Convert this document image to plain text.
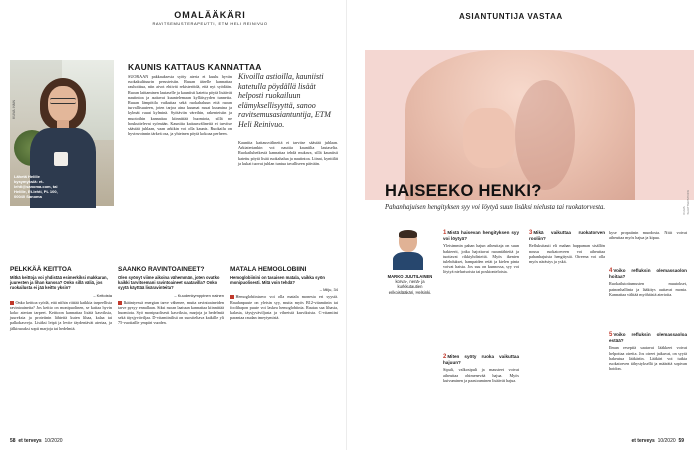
OMALÄÄKÄRI
RAVITSEMUSTERAPEUTTI, ETM HELI REINIVUO
KUVA: NNN
Lähetä Helille kysymyksiä: et-lehti@sanoma.com, tai Helille, Et-lehti, PL 100, 00040 Sanoma
KAUNIS KATTAUS KANNATTAA
SUORAAN pakkauksesta syöty ateria ei kuulu hyvän ruokakulttuurin perusteisiin. Ruuan äärelle kannattaa rauhoittua, niin aivot ehtivät rekisteröidä, että nyt syödään. Ruoan laittaminen lautaselle ja kauniisti katettu pöytä lisäävät nautintoa ja auttavat kuuntelemaan kylläisyyden tunnetta. Ruuan lämpötila vaikuttaa sekä ruokahaluun että ruoan turvallisuuteen, joten tarjoa aina kuumat ruuat kuumina ja kylmät ruuat kylminä. Syötäviin väreihin, rakenteisiin ja muotoihin kannattaa kiinnittää huomiota, sillä ne houkuttelevat syömään. Kauniita kattausvälineitä ei tarvitse säästää juhlaan, vaan arkikin voi olla kaunis. Ruokailu on hyvinvoinnin tärkeä osa, ja yhteinen pöytä kokoaa perheen.
Kivoilla astioilla, kauniisti katetulla pöydällä lisäät helposti ruokailuun elämyksellisyyttä, sanoo ravitsemusasiantuntija, ETM Heli Reinivuo.
Kauniita kattausvälineitä ei tarvitse säästää juhlaan. Arkiateriankin voi nauttia kauniilta lautaselta. Ruokailuhetkestä kannattaa tehdä mukava, sillä kauniisti katettu pöytä lisää ruokahalua ja nautintoa. Liinat, kynttilät ja kukat tuovat juhlan tuntua tavalliseen päivään.
PELKKÄÄ KEITTOA
Mitkä keittoja voi yhdistää esimerkiksi makkaran, juuresten ja lihan kanssa? Onko sillä väliä, jos ruokailusta ei jää keitto yksin?
– Keitoista
Onko keittoa syödä, että niihin riittää kaikkia tarpeellisia ravintoaineita? Jos keitto on monipuolinen, se kattaa hyvin koko aterian tarpeet. Keittoon kannattaa lisätä kasviksia, juureksia ja proteiinin lähteitä kuten lihaa, kalaa tai palkokasveja. Lisäksi leipä ja levite täydentävät ateriaa, ja jälkiruoaksi sopii marjoja tai hedelmiä.
SAANKO RAVINTOAINEET?
Olen syönyt viime aikoina vähemmän, joten ovatko kaikki tarvitsemani ravintoaineet saatavilla? Onko syytä käyttää lisäravinteita?
– Kuudenkymppinen nainen
Ikääntyessä energian tarve vähenee, mutta ravintoaineiden tarve pysyy ennallaan. Siksi ruoan laatuun kannattaa kiinnittää huomiota. Syö monipuolisesti kasviksia, marjoja ja hedelmiä sekä täysjyväviljaa. D-vitamiinilisä on suositeltava kaikille yli 75-vuotiaille ympäri vuoden.
MATALA HEMOGLOBIINI
Hemoglobiinini on tasaisen matala, vaikka syön monipuolisesti. Mitä voin tehdä?
– Miiju, 34
Hemoglobiiniarvo voi olla matala monesta eri syystä. Raudanpuute on yleisin syy, mutta myös B12-vitamiinin tai foolihapon puute voi laskea hemoglobiinia. Rautaa saa lihasta, kalasta, täysjyväviljasta ja vihreistä kasviksista. C-vitamiini parantaa raudan imeytymistä.
58 et terveys 10/2020
ASIANTUNTIJA VASTAA
KUVA: SHUTTERSTOCK
HAISEEKO HENKI?
Pahanhajuisen hengityksen syy voi löytyä suun lisäksi nielusta tai ruokatorvesta.
MARKO JUUTILAINEN
korva-, nenä- ja kurkkutautien erikoislääkäri, Helsinki.
1Mistä haisevan hengityksen syy voi löytyä?
Yleisimmin pahan hajun aiheuttaja on suun bakteerit, jotka hajottavat ruoantähteitä ja tuottavat rikkiyhdisteitä. Myös ikenien tulehdukset, hampaiden reiät ja kielen pinta voivat haista. Jos suu on kunnossa, syy voi löytyä nielurisoista tai poskionteloista.
2Miten syöty ruoka vaikuttaa hajuun?
Sipuli, valkosipuli ja mausteet voivat aiheuttaa ohimenevää hajua. Myös kuivuminen ja paastoaminen lisäävät hajua.
3Mikä vaikuttaa ruokatorven rooliin?
Refluksitauti eli mahan happaman sisällön nousu ruokatorveen voi aiheuttaa pahanhajuista hengitystä. Oireena voi olla myös närästys ja yskä.
kyse propaiinin muodosta. Nitit voivat aiheuttaa myös hajua ja kipua.
4Voiko refluksin olemassaolon hoitaa?
Ruokailutottumusten muutokset, painonhallinta ja lääkitys auttavat monia. Kannattaa välttää myöhäisiä aterioita.
5Voiko refluksin olemassaoloa estää?
Ilman reseptiä saatavat lääkkeet voivat helpottaa oireita. Jos oireet jatkuvat, on syytä hakeutua lääkäriin. Lääkäri voi tutkia ruokatorven tähystyksellä ja määrätä sopivan hoidon.
et terveys 10/2020 59
